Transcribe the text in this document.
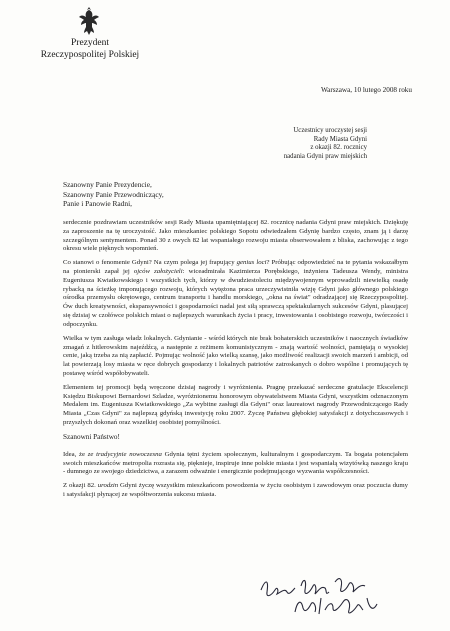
Prezydent
Rzeczypospolitej Polskiej
Warszawa, 10 lutego 2008 roku
Uczestnicy uroczystej sesji
Rady Miasta Gdyni
z okazji 82. rocznicy
nadania Gdyni praw miejskich
Szanowny Panie Prezydencie,
Szanowny Panie Przewodniczący,
Panie i Panowie Radni,

serdecznie pozdrawiam uczestników sesji Rady Miasta upamiętniającej 82. rocznicę nadania Gdyni praw miejskich. Dziękuję za zaproszenie na tę uroczystość. Jako mieszkaniec polskiego Sopotu odwiedzałem Gdynię bardzo często, znam ją i darzę szczególnym sentymentem. Ponad 30 z owych 82 lat wspaniałego rozwoju miasta obserwowałem z bliska, zachowując z tego okresu wiele pięknych wspomnień.

Co stanowi o fenomenie Gdyni? Na czym polega jej frapujący genius loci? Próbując odpowiedzieć na te pytania wskazałbym na pionierski zapał jej ojców założycieli: wiceadmirała Kazimierza Porębskiego, inżyniera Tadeusza Wendy, ministra Eugeniusza Kwiatkowskiego i wszystkich tych, którzy w dwudziestoleciu międzywojennym wprowadzili niewielką osadę rybacką na ścieżkę imponującego rozwoju, których wytężona praca urzeczywistniła wizję Gdyni jako głównego polskiego ośrodka przemysłu okrętowego, centrum transportu i handlu morskiego, „okna na świat" odradzającej się Rzeczypospolitej. Ów duch kreatywności, ekspansywności i gospodarności nadal jest siłą sprawczą spektakularnych sukcesów Gdyni, plasującej się dzisiaj w czołówce polskich miast o najlepszych warunkach życia i pracy, inwestowania i osobistego rozwoju, twórczości i odpoczynku.

Wielka w tym zasługa władz lokalnych. Gdynianie - wśród których nie brak bohaterskich uczestników i naocznych świadków zmagań z hitlerowskim najeźdźcą, a następnie z reżimem komunistycznym - znają wartość wolności, pamiętają o wysokiej cenie, jaką trzeba za nią zapłacić. Pojmując wolność jako wielką szansę, jako możliwość realizacji swoich marzeń i ambicji, od lat powierzają losy miasta w ręce dobrych gospodarzy i lokalnych patriotów zatroskanych o dobro wspólne i promujących tę postawę wśród współobywateli.

Elementem tej promocji będą wręczone dzisiaj nagrody i wyróżnienia. Pragnę przekazać serdeczne gratulacje Ekscelencji Księdzu Biskupowi Bernardowi Szladze, wyróżnionemu honorowym obywatelstwem Miasta Gdyni, wszystkim odznaczonym Medalem im. Eugeniusza Kwiatkowskiego „Za wybitne zasługi dla Gdyni" oraz laureatowi nagrody Przewodniczącego Rady Miasta „Czas Gdyni" za najlepszą gdyńską inwestycję roku 2007. Życzę Państwu głębokiej satysfakcji z dotychczasowych i przyszłych dokonań oraz wszelkiej osobistej pomyślności.

Szanowni Państwo!

Idea, że ze tradycyjnie nowoczesna Gdynia tętni życiem społecznym, kulturalnym i gospodarczym. Ta bogata potencjałem swoich mieszkańców metropolia rozrasta się, pięknieje, inspiruje inne polskie miasta i jest wspaniałą wizytówką naszego kraju - dumnego ze swojego dziedzictwa, a zarazem odważnie i energicznie podejmującego wyzwania współczesności.

Z okazji 82. urodzin Gdyni życzę wszystkim mieszkańcom powodzenia w życiu osobistym i zawodowym oraz poczucia dumy i satysfakcji płynącej ze współtworzenia sukcesu miasta.
